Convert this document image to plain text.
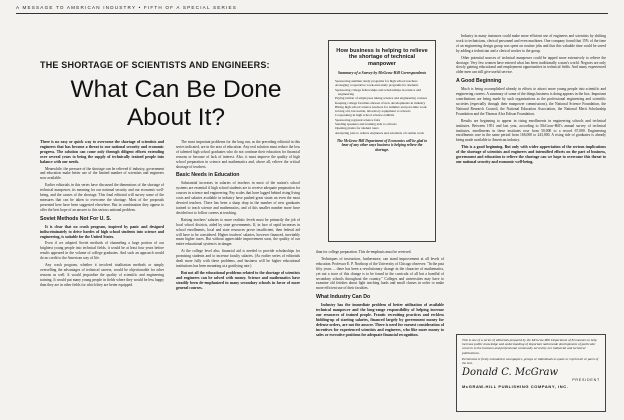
A MESSAGE TO AMERICAN INDUSTRY • FIFTH OF A SPECIAL SERIES
THE SHORTAGE OF SCIENTISTS AND ENGINEERS:
What Can Be Done
About It?

There is no easy or quick way to overcome the shortage of scientists and engineers that has become a threat to our national security and economic progress. The solution can come only through diligent efforts extending over several years to bring the supply of technically trained people into balance with our needs.

Meanwhile, the pressure of the shortage can be relieved if industry, government and education make better use of the limited number of scientists and engineers now available.

Earlier editorials in this series have discussed the dimensions of the shortage of technical manpower, its meaning for our national security and our economic well-being, and the causes of the shortage. This final editorial will survey some of the measures that can be taken to overcome the shortage. Most of the proposals presented here have been suggested elsewhere. But in combination they appear to offer the best hope of an answer to this serious national problem.

Soviet Methods Not For U. S.

It is clear that no crash program, inspired by panic and designed indiscriminately to drive hordes of high school students into science and engineering, is suitable for the United States.

Even if we adopted Soviet methods of channeling a large portion of our brightest young people into technical fields, it would be at least four years before results appeared in the volume of college graduates. And such an approach would do no credit to the American way of life.

Any crash program, whether it involved totalitarian methods or simply overselling the advantages of technical careers, would be objectionable for other reasons as well. It would jeopardize the quality of scientific and engineering training. It would put many young people in fields where they would be less happy than they are in other fields for which they are better equipped.

The most important problems for the long run, as the preceding editorial in this series indicated, are in the area of education. Any real solution must reduce the loss of talented high school graduates who do not continue their education for financial reasons or because of lack of interest. Also, it must improve the quality of high school preparation in science and mathematics and, above all, relieve the critical shortage of teachers.

Basic Needs in Education

Substantial increases in salaries of teachers in most of the nation's school systems are essential if high school students are to receive adequate preparation for courses in science and engineering. Pay scales that have lagged behind rising living costs and salaries available in industry have pushed great strain on even the most devoted teachers. There has been a sharp drop in the number of new graduates trained to teach science and mathematics, and of this smaller number more have decided not to follow careers at teaching.

Raising teachers' salaries to more realistic levels must be primarily the job of local school districts, aided by state governments. If, in face of rapid increases in school enrollments, local and state resources prove insufficient, then federal aid will have to be considered. Higher teachers' salaries, however financed, inevitably mean higher taxes. But without appreciable improvement soon, the quality of our entire educational system is in danger.

At the college level also, financial aid is needed to provide scholarships for promising students and to increase faculty salaries. (As earlier series of editorials dealt more fully with these problems, and business will be higher educational institutions has been mounting at a gratifying rate.)

But not all the educational problems related to the shortage of scientists and engineers can be solved with money. Science and mathematics have steadily been de-emphasized in many secondary schools in favor of more general courses.

How business is helping to relieve the shortage of technical manpower
Summary of a Survey by McGraw-Hill Correspondents
Sponsoring summer study programs for high school teachers
Arranging cooperative work-and-study programs for students
Sponsoring college fellowships and scholarships in science and engineering
Paying tuition of employees taking science and engineering courses
Keeping college faculties abreast of new developments in industry
Hiring high school science teachers for summer and part-time work
Giving old, but usable, laboratory equipment to schools
Cooperating in high school science exhibits
Sponsoring regional science fairs
Sending speakers and training aids to schools
Opening plants for student tours
Analyzing jobs to relieve engineers and scientists of routine work
The McGraw-Hill Department of Economics will be glad to hear of any other ways business is helping relieve the shortage.

than for college preparation. This de-emphasis must be reversed.

Techniques of instruction, furthermore, can stand improvement at all levels of education. Professor E. P. Northrop of the University of Chicago observes: "In the past fifty years ... there has been a revolutionary change in the character of mathematics, yet not a trace of this change is to be found in the curricula of all but a handful of secondary schools throughout the country." Colleges and universities may have to examine old fetishes about light teaching loads and small classes in order to make more efficient use of their faculties.

What Industry Can Do

Industry has the immediate problem of better utilization of available technical manpower and the long-range responsibility of helping increase our resources of trained people. Frantic recruiting practices and reckless bidding-up of starting salaries, financed largely by government money for defense orders, are not the answer. There is need for earnest consideration of incentives for experienced scientists and engineers, who like more money to sales or executive positions for adequate financial recognition.

Industry in many instances could make more efficient use of engineers and scientists by shifting work to technicians, clerical personnel and even machines. One company found that 15% of the time of an engineering design group was spent on routine jobs and that this valuable time could be saved by adding a technician and a clerical worker to the group.

Other potential sources of technical manpower could be tapped more extensively to relieve the shortage. Very few women have entered what has been traditionally a man's world. Negroes are only slowly gaining educational and employment opportunities in technical fields. And many experienced older men can still give useful service.

A Good Beginning

Much is being accomplished already in efforts to attract more young people into scientific and engineering careers. A summary of some of the things business is doing appears in the box. Important contributions are being made by such organizations as the professional engineering and scientific societies (especially through their manpower commissions), the National Science Foundation, the National Research Council, the National Education Association, the National Merit Scholarship Foundation and the Thomas Alva Edison Foundation.

Results are beginning to appear in rising enrollments in engineering schools and technical institutes. Between 1951 and last year, according to McGraw-Hill's annual survey of technical institutes, enrollments in these institutes rose from 50,000 to a record 67,000. Engineering enrollments rose in the same period from 166,000 to 243,000. A rising tide of graduates is already being made available to American industry.

This is a good beginning. But only with wider appreciation of the serious implications of the shortage of scientists and engineers and intensified efforts on the part of business, government and education to relieve the shortage can we hope to overcome this threat to our national security and economic well-being.

This is one of a series of editorials prepared by the McGraw-Hill Department of Economics to help increase public knowledge and understanding of important nationwide developments of particular concern to the business and professional community served by our industrial and technical publications.

Permission is freely extended to newspapers, groups or individuals to quote or reprint all or parts of the text.

Donald C. McGraw
PRESIDENT
McGRAW-HILL PUBLISHING COMPANY, INC.
